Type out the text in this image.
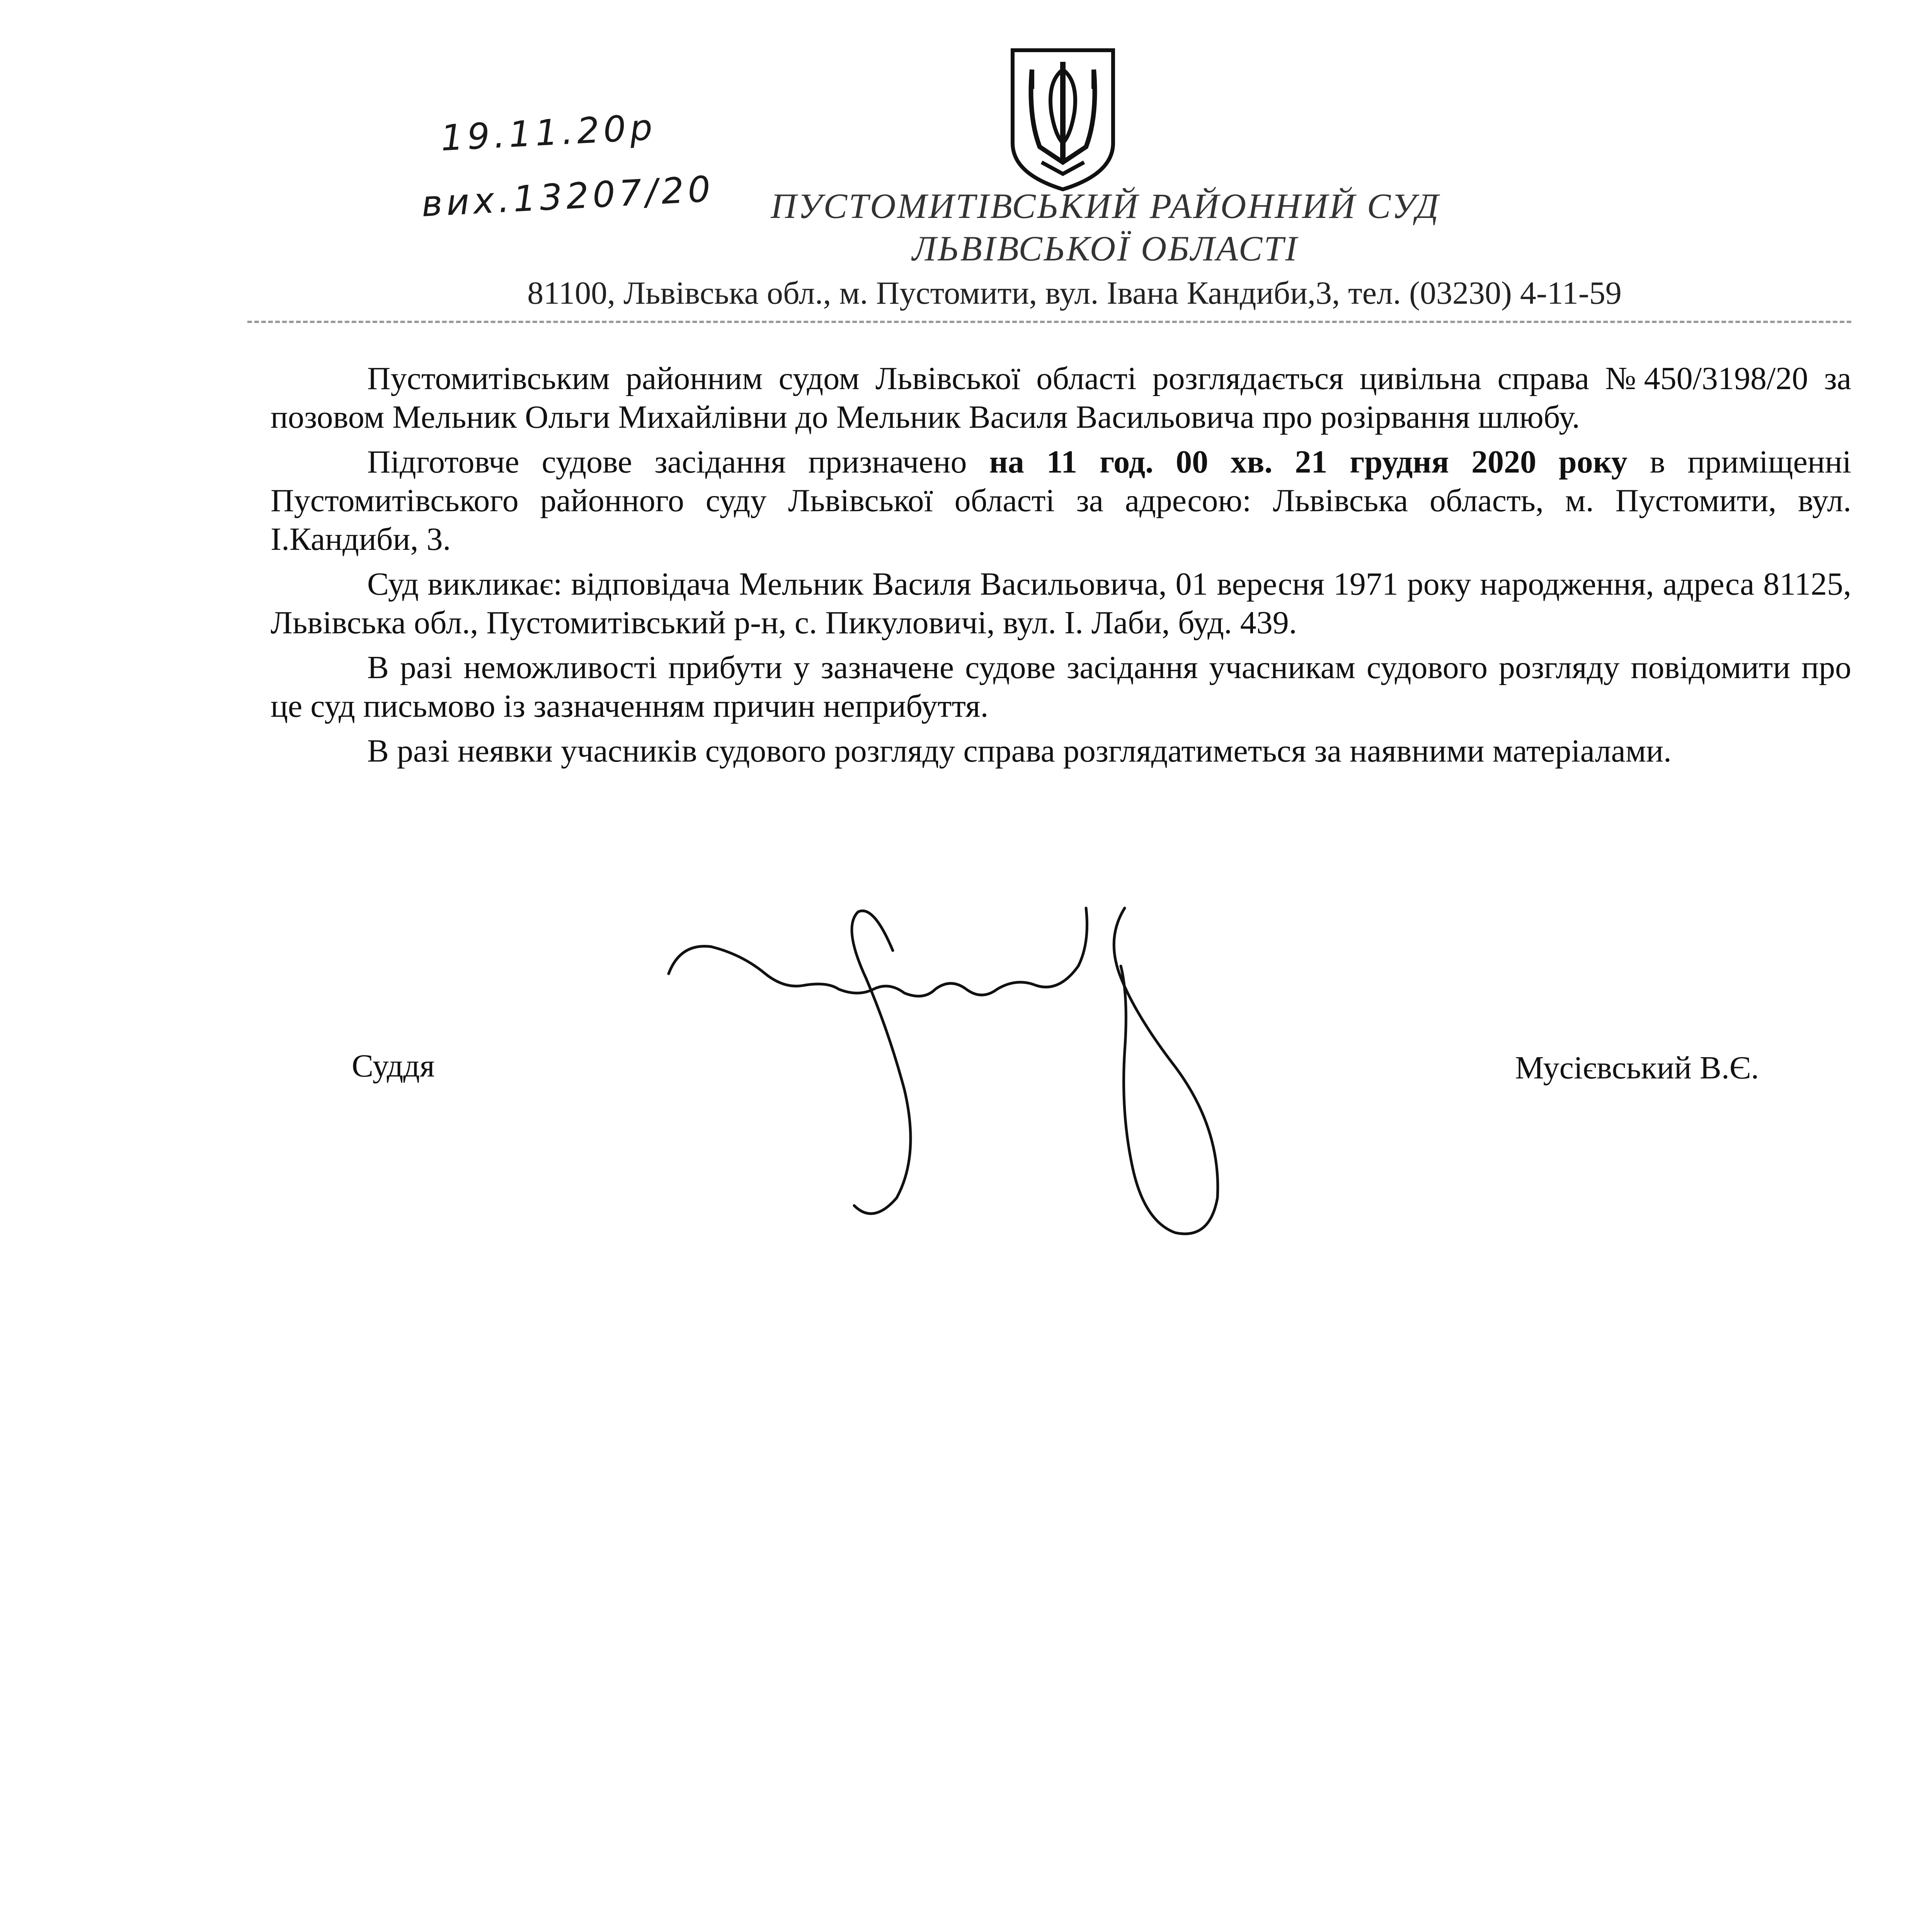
19.11.20р
вих.13207/20	ПУСТОМИТІВСЬКИЙ РАЙОННИЙ СУД
ЛЬВІВСЬКОЇ ОБЛАСТІ
81100, Львівська обл., м. Пустомити, вул. Івана Кандиби,3, тел. (03230) 4-11-59

Пустомитівським районним судом Львівської області розглядається цивільна справа №450/3198/20 за позовом Мельник Ольги Михайлівни до Мельник Василя Васильовича про розірвання шлюбу.

Підготовче судове засідання призначено на 11 год. 00 хв. 21 грудня 2020 року в приміщенні Пустомитівського районного суду Львівської області за адресою: Львівська область, м. Пустомити, вул. І.Кандиби, 3.

Суд викликає: відповідача Мельник Василя Васильовича, 01 вересня 1971 року народження, адреса 81125, Львівська обл., Пустомитівський р-н, с. Пикуловичі, вул. І. Лаби, буд. 439.

В разі неможливості прибути у зазначене судове засідання учасникам судового розгляду повідомити про це суд письмово із зазначенням причин неприбуття.

В разі неявки учасників судового розгляду справа розглядатиметься за наявними матеріалами.

Суддя	Мусієвський В.Є.
